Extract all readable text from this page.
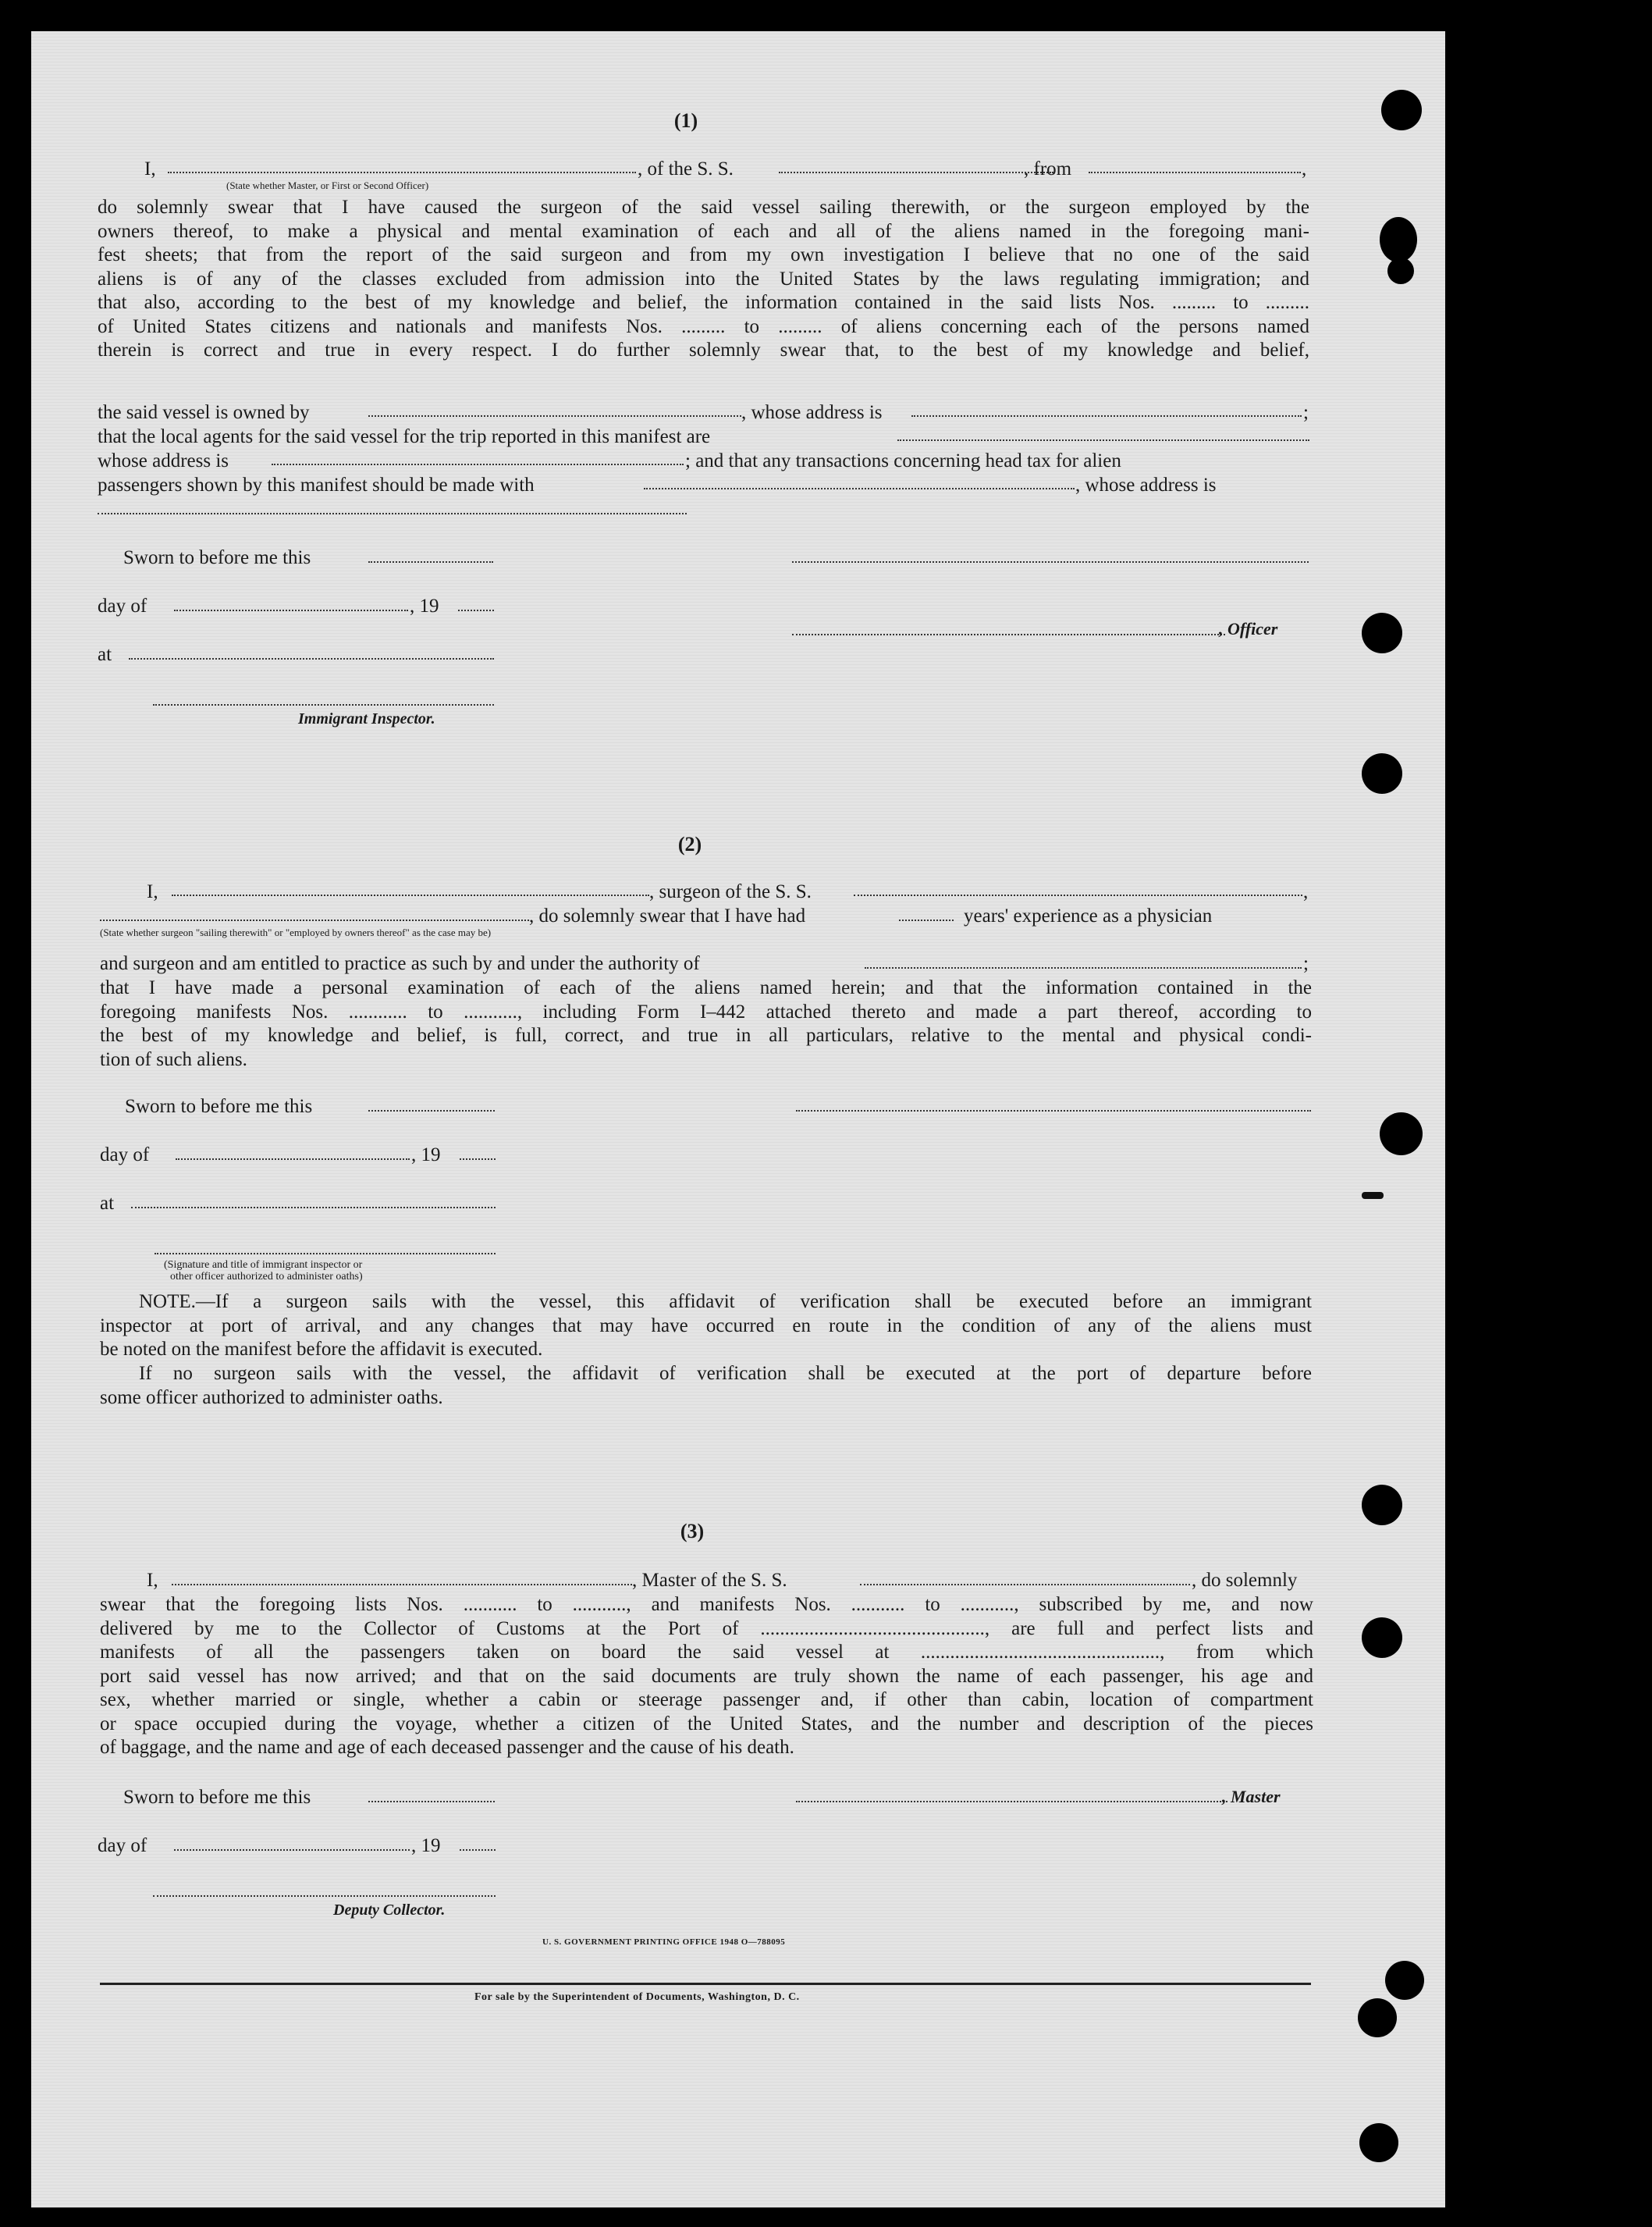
(1)
I,	, of the S. S.	, from	,
(State whether Master, or First or Second Officer)
do solemnly swear that I have caused the surgeon of the said vessel sailing therewith, or the surgeon employed by the
owners thereof, to make a physical and mental examination of each and all of the aliens named in the foregoing mani-
fest sheets; that from the report of the said surgeon and from my own investigation I believe that no one of the said
aliens is of any of the classes excluded from admission into the United States by the laws regulating immigration; and
that also, according to the best of my knowledge and belief, the information contained in the said lists Nos. ......... to .........
of United States citizens and nationals and manifests Nos. ......... to ......... of aliens concerning each of the persons named
therein is correct and true in every respect. I do further solemnly swear that, to the best of my knowledge and belief,
the said vessel is owned by	, whose address is	;
that the local agents for the said vessel for the trip reported in this manifest are
whose address is	; and that any transactions concerning head tax for alien
passengers shown by this manifest should be made with	, whose address is
Sworn to before me this
day of	, 19
, Officer
at
Immigrant Inspector.
(2)
I,	, surgeon of the S. S.	,
, do solemnly swear that I have had	years' experience as a physician
(State whether surgeon "sailing therewith" or "employed by owners thereof" as the case may be)
and surgeon and am entitled to practice as such by and under the authority of	;
that I have made a personal examination of each of the aliens named herein; and that the information contained in the
foregoing manifests Nos. ............ to ..........., including Form I–442 attached thereto and made a part thereof, according to
the best of my knowledge and belief, is full, correct, and true in all particulars, relative to the mental and physical condi-
tion of such aliens.
Sworn to before me this
day of	, 19
at
(Signature and title of immigrant inspector or
other officer authorized to administer oaths)
NOTE.—If a surgeon sails with the vessel, this affidavit of verification shall be executed before an immigrant
inspector at port of arrival, and any changes that may have occurred en route in the condition of any of the aliens must
be noted on the manifest before the affidavit is executed.
If no surgeon sails with the vessel, the affidavit of verification shall be executed at the port of departure before
some officer authorized to administer oaths.
(3)
I,	, Master of the S. S.	, do solemnly
swear that the foregoing lists Nos. ........... to ..........., and manifests Nos. ........... to ..........., subscribed by me, and now
delivered by me to the Collector of Customs at the Port of .............................................., are full and perfect lists and
manifests of all the passengers taken on board the said vessel at ................................................., from which
port said vessel has now arrived; and that on the said documents are truly shown the name of each passenger, his age and
sex, whether married or single, whether a cabin or steerage passenger and, if other than cabin, location of compartment
or space occupied during the voyage, whether a citizen of the United States, and the number and description of the pieces
of baggage, and the name and age of each deceased passenger and the cause of his death.
Sworn to before me this	, Master
day of	, 19
Deputy Collector.
U. S. GOVERNMENT PRINTING OFFICE 1948 O—788095
For sale by the Superintendent of Documents, Washington, D. C.
